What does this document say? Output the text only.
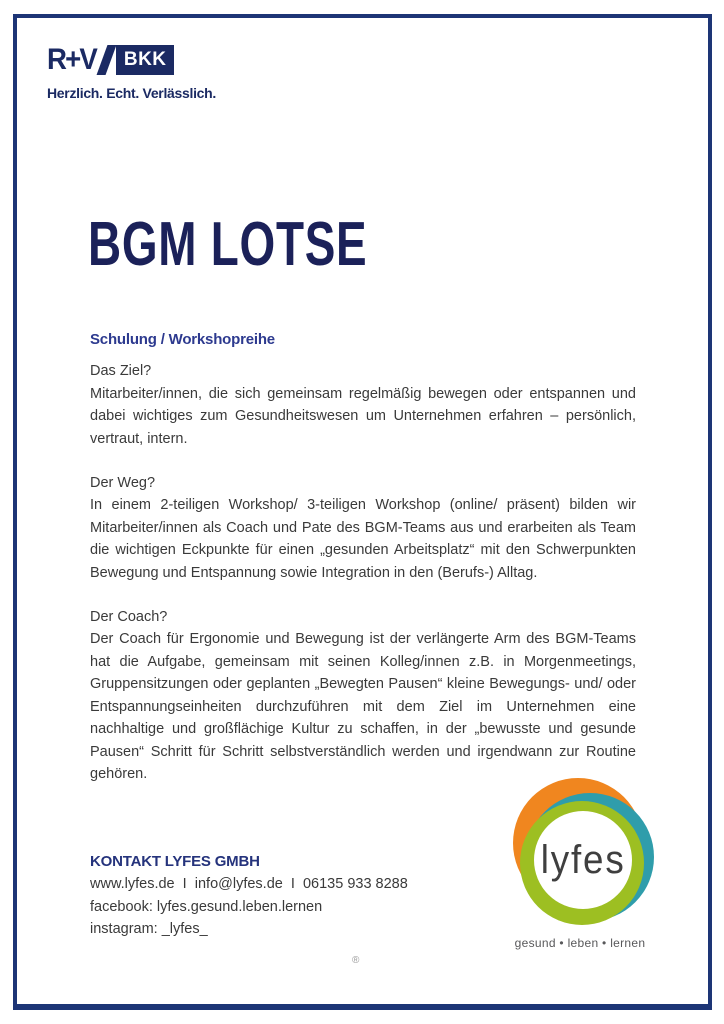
R+V	BKK
Herzlich. Echt. Verlässlich.
BGM LOTSE
Schulung / Workshopreihe
Das Ziel?

Mitarbeiter/innen, die sich gemeinsam regelmäßig bewegen oder entspannen und dabei wichtiges zum Gesundheitswesen um Unternehmen erfahren – persönlich, vertraut, intern.

Der Weg?

In einem 2-teiligen Workshop/ 3-teiligen Workshop (online/ präsent) bilden wir Mitarbeiter/innen als Coach und Pate des BGM-Teams aus und erarbeiten als Team die wichtigen Eckpunkte für einen „gesunden Arbeitsplatz“ mit den Schwerpunkten Bewegung und Entspannung sowie Integration in den (Berufs-) Alltag.

Der Coach?

Der Coach für Ergonomie und Bewegung ist der verlängerte Arm des BGM-Teams hat die Aufgabe, gemeinsam mit seinen Kolleg/innen z.B. in Morgenmeetings, Gruppensitzungen oder geplanten „Bewegten Pausen“ kleine Bewegungs- und/ oder Entspannungseinheiten durchzuführen mit dem Ziel im Unternehmen eine nachhaltige und großflächige Kultur zu schaffen, in der „bewusste und gesunde Pausen“ Schritt für Schritt selbstverständlich werden und irgendwann zur Routine gehören.

KONTAKT LYFES GMBH
www.lyfes.de  I  info@lyfes.de  I  06135 933 8288
facebook: lyfes.gesund.leben.lernen
instagram: _lyfes_
lyfes
gesund • leben • lernen
®
